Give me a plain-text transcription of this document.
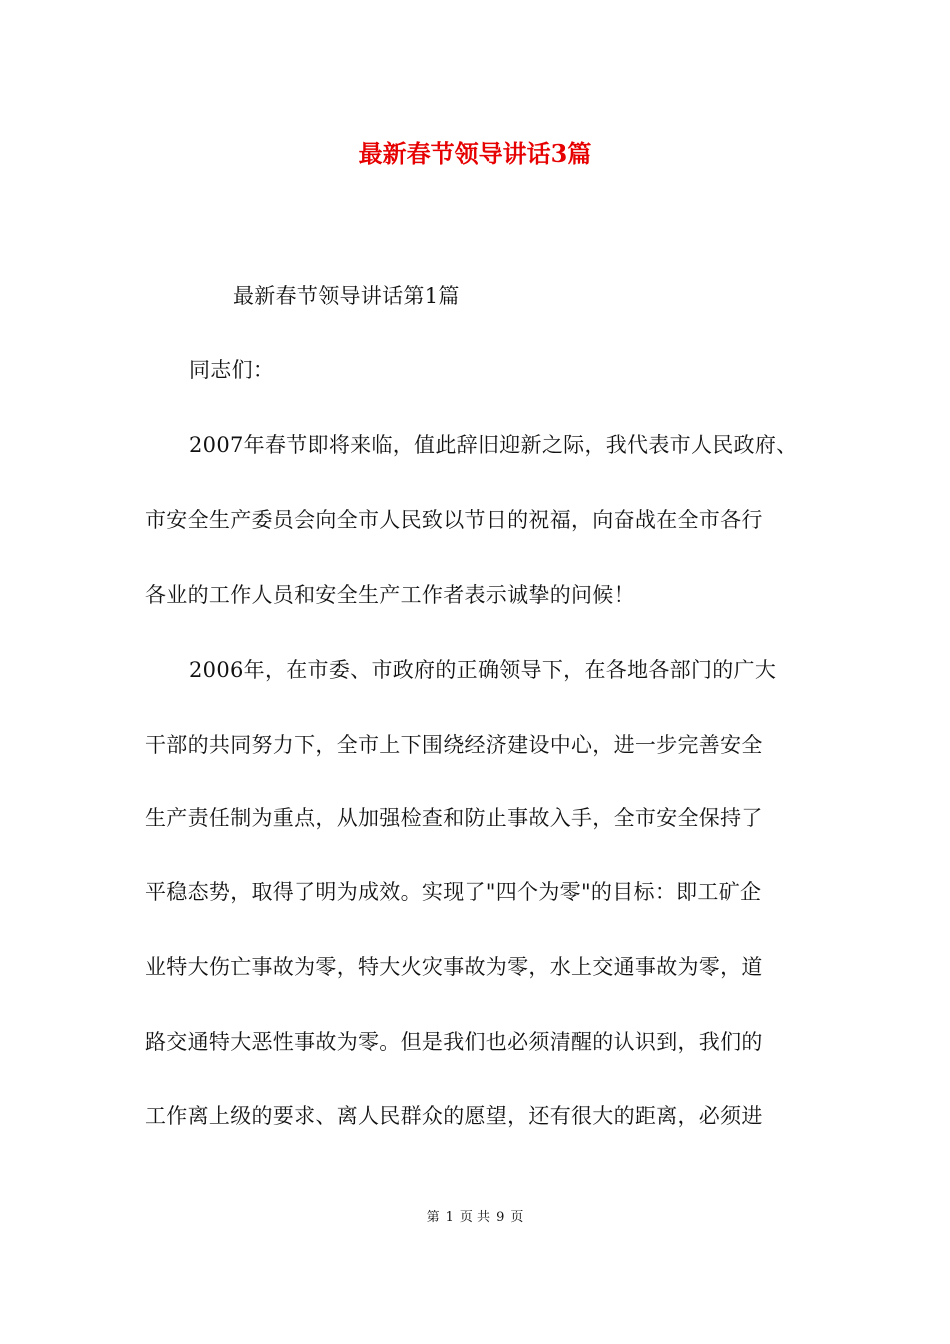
最新春节领导讲话3篇
最新春节领导讲话第1篇
同志们：
2007年春节即将来临，值此辞旧迎新之际，我代表市人民政府、
市安全生产委员会向全市人民致以节日的祝福，向奋战在全市各行
各业的工作人员和安全生产工作者表示诚挚的问候！
2006年，在市委、市政府的正确领导下，在各地各部门的广大
干部的共同努力下，全市上下围绕经济建设中心，进一步完善安全
生产责任制为重点，从加强检查和防止事故入手，全市安全保持了
平稳态势，取得了明为成效。实现了"四个为零"的目标：即工矿企
业特大伤亡事故为零，特大火灾事故为零，水上交通事故为零，道
路交通特大恶性事故为零。但是我们也必须清醒的认识到，我们的
工作离上级的要求、离人民群众的愿望，还有很大的距离，必须进
第 1 页 共 9 页
